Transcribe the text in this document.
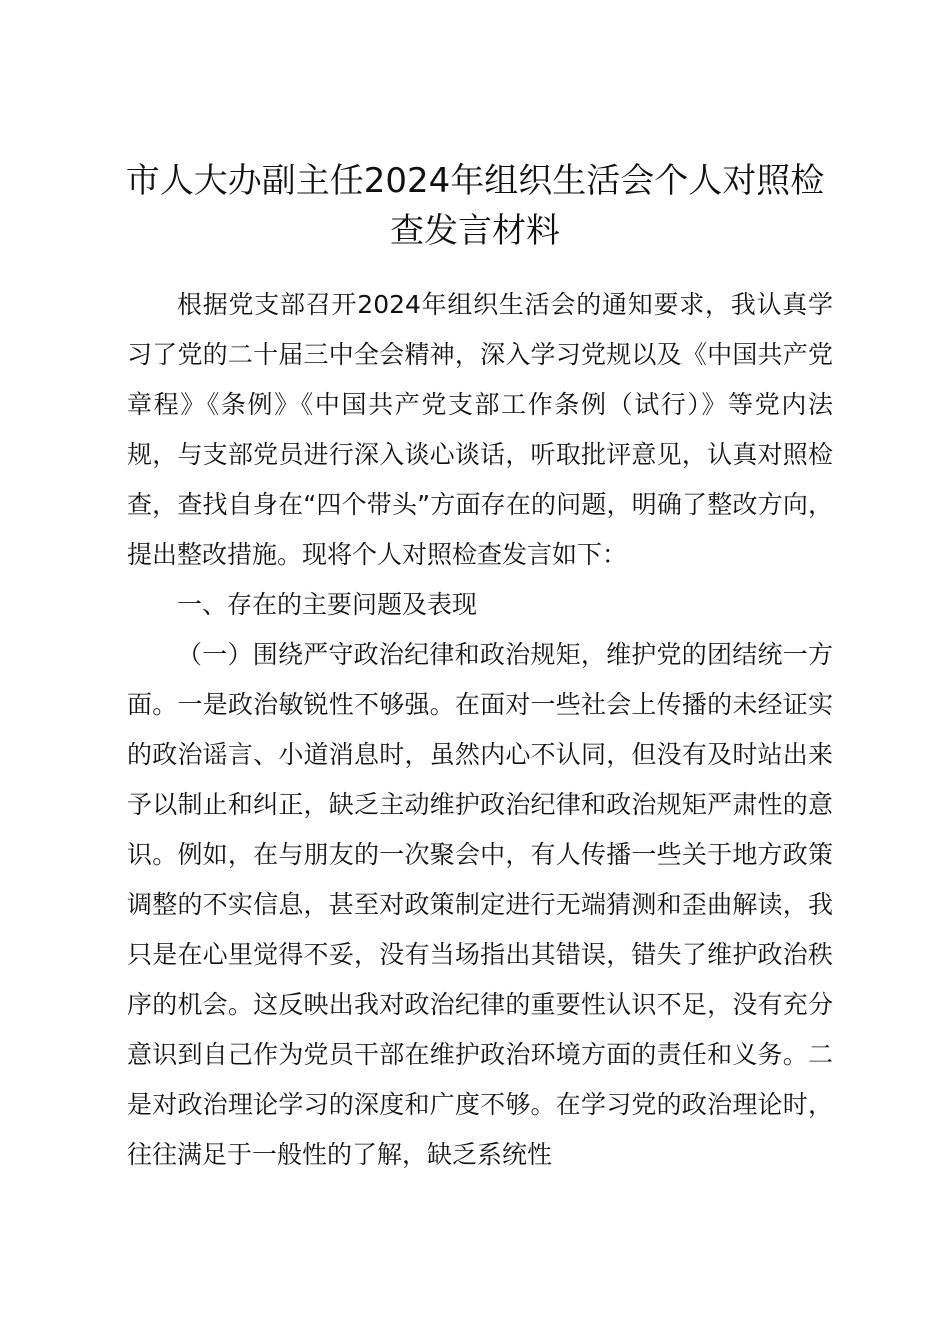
市人大办副主任2024年组织生活会个人对照检查发言材料

根据党支部召开2024年组织生活会的通知要求，我认真学习了党的二十届三中全会精神，深入学习党规以及《中国共产党章程》《条例》《中国共产党支部工作条例（试行）》等党内法规，与支部党员进行深入谈心谈话，听取批评意见，认真对照检查，查找自身在“四个带头”方面存在的问题，明确了整改方向，提出整改措施。现将个人对照检查发言如下：

一、存在的主要问题及表现

（一）围绕严守政治纪律和政治规矩，维护党的团结统一方面。一是政治敏锐性不够强。在面对一些社会上传播的未经证实的政治谣言、小道消息时，虽然内心不认同，但没有及时站出来予以制止和纠正，缺乏主动维护政治纪律和政治规矩严肃性的意识。例如，在与朋友的一次聚会中，有人传播一些关于地方政策调整的不实信息，甚至对政策制定进行无端猜测和歪曲解读，我只是在心里觉得不妥，没有当场指出其错误，错失了维护政治秩序的机会。这反映出我对政治纪律的重要性认识不足，没有充分意识到自己作为党员干部在维护政治环境方面的责任和义务。二是对政治理论学习的深度和广度不够。在学习党的政治理论时，往往满足于一般性的了解，缺乏系统性
